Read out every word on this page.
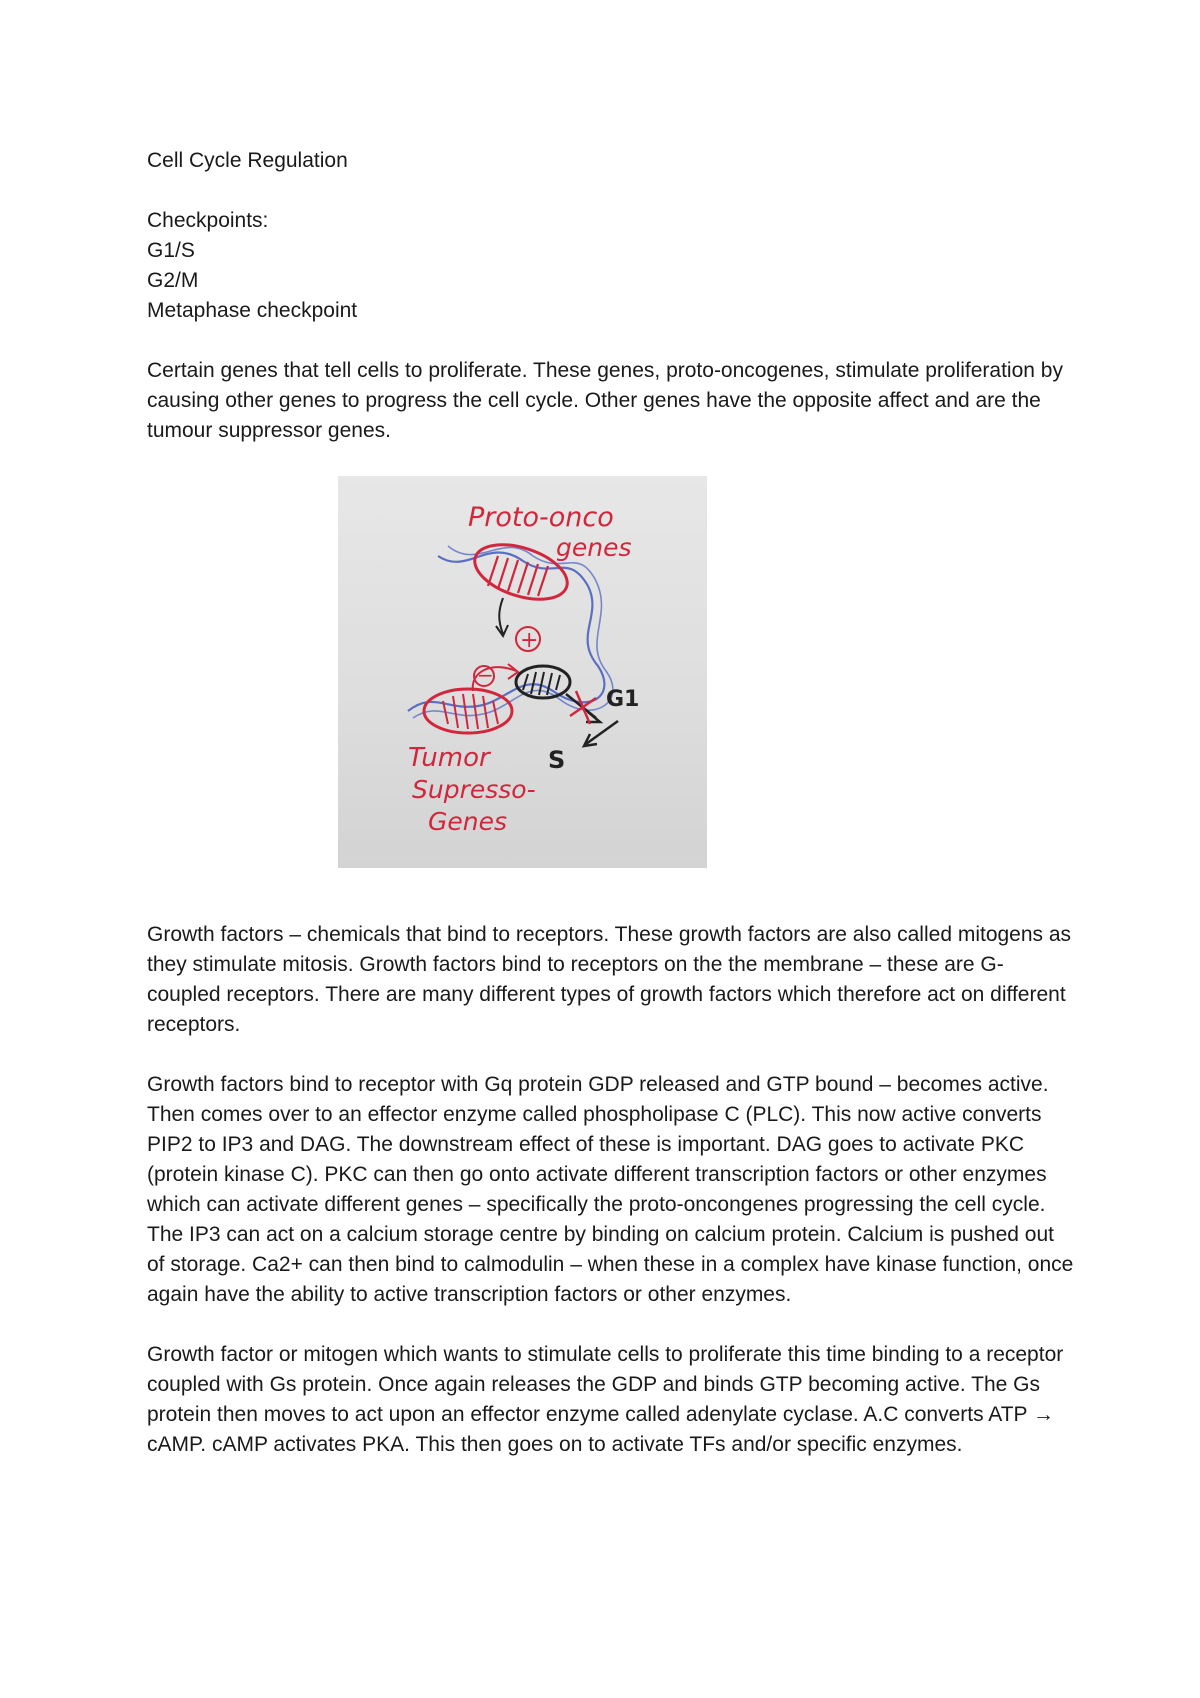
Cell Cycle Regulation

Checkpoints:

G1/S

G2/M

Metaphase checkpoint

Certain genes that tell cells to proliferate. These genes, proto-oncogenes, stimulate proliferation by causing other genes to progress the cell cycle. Other genes have the opposite affect and are the tumour suppressor genes.

Proto-onco
genes
+
−
G1
S
Tumor
Supresso-
Genes

Growth factors – chemicals that bind to receptors. These growth factors are also called mitogens as they stimulate mitosis. Growth factors bind to receptors on the the membrane – these are G-coupled receptors. There are many different types of growth factors which therefore act on different receptors.

Growth factors bind to receptor with Gq protein GDP released and GTP bound – becomes active. Then comes over to an effector enzyme called phospholipase C (PLC). This now active converts PIP2 to IP3 and DAG. The downstream effect of these is important. DAG goes to activate PKC (protein kinase C). PKC can then go onto activate different transcription factors or other enzymes which can activate different genes – specifically the proto-oncongenes progressing the cell cycle. The IP3 can act on a calcium storage centre by binding on calcium protein. Calcium is pushed out of storage. Ca2+ can then bind to calmodulin – when these in a complex have kinase function, once again have the ability to active transcription factors or other enzymes.

Growth factor or mitogen which wants to stimulate cells to proliferate this time binding to a receptor coupled with Gs protein. Once again releases the GDP and binds GTP becoming active. The Gs protein then moves to act upon an effector enzyme called adenylate cyclase. A.C converts ATP → cAMP. cAMP activates PKA. This then goes on to activate TFs and/or specific enzymes.
